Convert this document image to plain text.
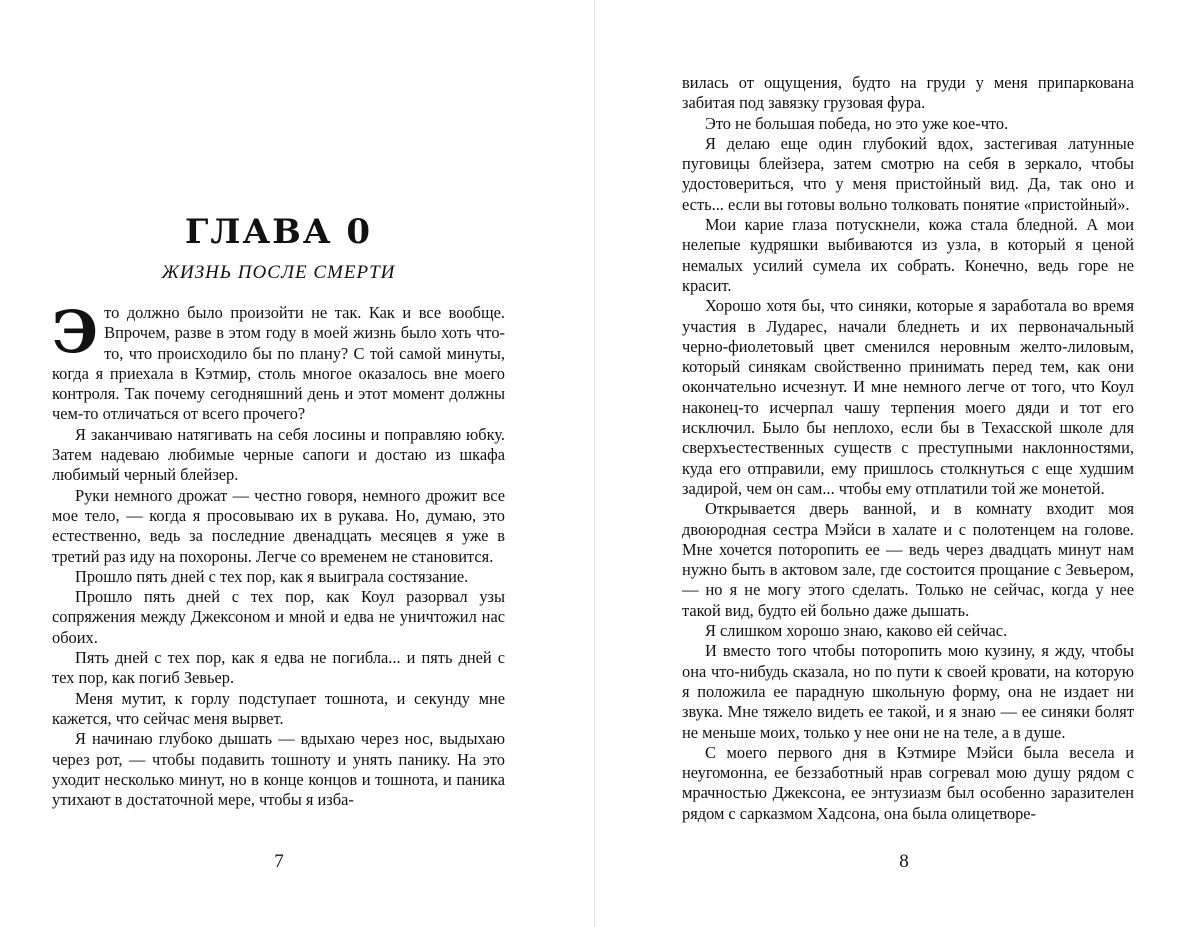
ГЛАВА 0
ЖИЗНЬ ПОСЛЕ СМЕРТИ

Это должно было произойти не так. Как и все вообще. Впрочем, разве в этом году в моей жизнь было хоть что-то, что происходило бы по плану? С той самой минуты, когда я приехала в Кэтмир, столь многое оказалось вне моего контроля. Так почему сегодняшний день и этот момент должны чем-то отличаться от всего прочего?

Я заканчиваю натягивать на себя лосины и поправляю юбку. Затем надеваю любимые черные сапоги и достаю из шкафа любимый черный блейзер.

Руки немного дрожат — честно говоря, немного дрожит все мое тело, — когда я просовываю их в рукава. Но, думаю, это естественно, ведь за последние двенадцать месяцев я уже в третий раз иду на похороны. Легче со временем не становится.

Прошло пять дней с тех пор, как я выиграла состязание.

Прошло пять дней с тех пор, как Коул разорвал узы сопряжения между Джексоном и мной и едва не уничтожил нас обоих.

Пять дней с тех пор, как я едва не погибла... и пять дней с тех пор, как погиб Зевьер.

Меня мутит, к горлу подступает тошнота, и секунду мне кажется, что сейчас меня вырвет.

Я начинаю глубоко дышать — вдыхаю через нос, выдыхаю через рот, — чтобы подавить тошноту и унять панику. На это уходит несколько минут, но в конце концов и тошнота, и паника утихают в достаточной мере, чтобы я изба-

7

вилась от ощущения, будто на груди у меня припаркована забитая под завязку грузовая фура.

Это не большая победа, но это уже кое-что.

Я делаю еще один глубокий вдох, застегивая латунные пуговицы блейзера, затем смотрю на себя в зеркало, чтобы удостовериться, что у меня пристойный вид. Да, так оно и есть... если вы готовы вольно толковать понятие «пристойный».

Мои карие глаза потускнели, кожа стала бледной. А мои нелепые кудряшки выбиваются из узла, в который я ценой немалых усилий сумела их собрать. Конечно, ведь горе не красит.

Хорошо хотя бы, что синяки, которые я заработала во время участия в Лударес, начали бледнеть и их первоначальный черно-фиолетовый цвет сменился неровным желто-лиловым, который синякам свойственно принимать перед тем, как они окончательно исчезнут. И мне немного легче от того, что Коул наконец-то исчерпал чашу терпения моего дяди и тот его исключил. Было бы неплохо, если бы в Техасской школе для сверхъестественных существ с преступными наклонностями, куда его отправили, ему пришлось столкнуться с еще худшим задирой, чем он сам... чтобы ему отплатили той же монетой.

Открывается дверь ванной, и в комнату входит моя двоюродная сестра Мэйси в халате и с полотенцем на голове. Мне хочется поторопить ее — ведь через двадцать минут нам нужно быть в актовом зале, где состоится прощание с Зевьером, — но я не могу этого сделать. Только не сейчас, когда у нее такой вид, будто ей больно даже дышать.

Я слишком хорошо знаю, каково ей сейчас.

И вместо того чтобы поторопить мою кузину, я жду, чтобы она что-нибудь сказала, но по пути к своей кровати, на которую я положила ее парадную школьную форму, она не издает ни звука. Мне тяжело видеть ее такой, и я знаю — ее синяки болят не меньше моих, только у нее они не на теле, а в душе.

С моего первого дня в Кэтмире Мэйси была весела и неугомонна, ее беззаботный нрав согревал мою душу рядом с мрачностью Джексона, ее энтузиазм был особенно заразителен рядом с сарказмом Хадсона, она была олицетворе-

8
